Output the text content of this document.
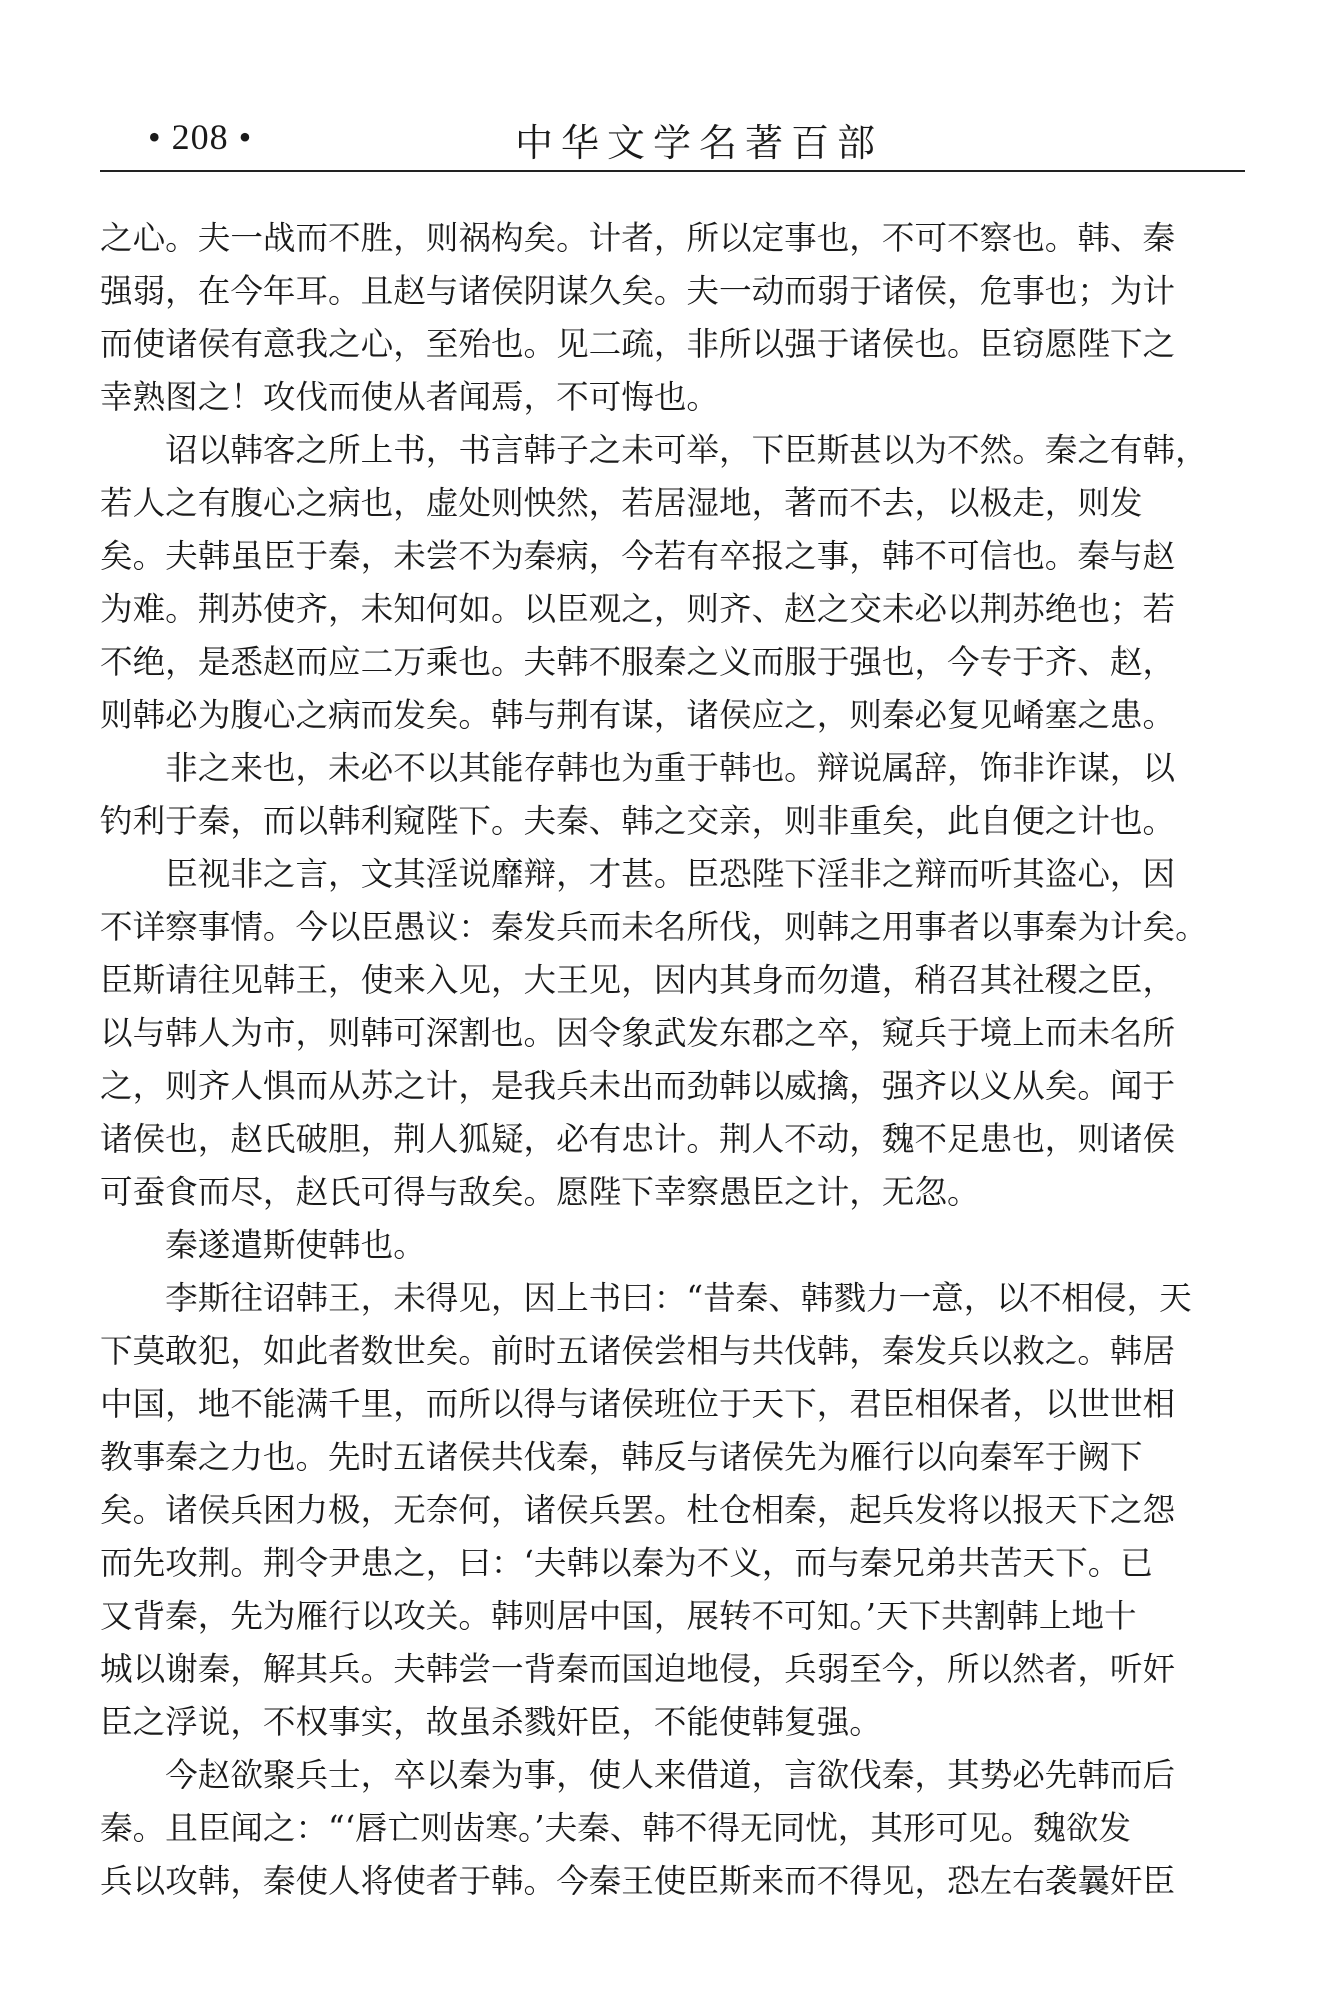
• 208 •	中华文学名著百部
之心。夫一战而不胜，则祸构矣。计者，所以定事也，不可不察也。韩、秦
强弱，在今年耳。且赵与诸侯阴谋久矣。夫一动而弱于诸侯，危事也；为计
而使诸侯有意我之心，至殆也。见二疏，非所以强于诸侯也。臣窃愿陛下之
幸熟图之！攻伐而使从者闻焉，不可悔也。
　　诏以韩客之所上书，书言韩子之未可举，下臣斯甚以为不然。秦之有韩，
若人之有腹心之病也，虚处则怏然，若居湿地，著而不去，以极走，则发
矣。夫韩虽臣于秦，未尝不为秦病，今若有卒报之事，韩不可信也。秦与赵
为难。荆苏使齐，未知何如。以臣观之，则齐、赵之交未必以荆苏绝也；若
不绝，是悉赵而应二万乘也。夫韩不服秦之义而服于强也，今专于齐、赵，
则韩必为腹心之病而发矣。韩与荆有谋，诸侯应之，则秦必复见崤塞之患。
　　非之来也，未必不以其能存韩也为重于韩也。辩说属辞，饰非诈谋，以
钓利于秦，而以韩利窥陛下。夫秦、韩之交亲，则非重矣，此自便之计也。
　　臣视非之言，文其淫说靡辩，才甚。臣恐陛下淫非之辩而听其盗心，因
不详察事情。今以臣愚议：秦发兵而未名所伐，则韩之用事者以事秦为计矣。
臣斯请往见韩王，使来入见，大王见，因内其身而勿遣，稍召其社稷之臣，
以与韩人为市，则韩可深割也。因令象武发东郡之卒，窥兵于境上而未名所
之，则齐人惧而从苏之计，是我兵未出而劲韩以威擒，强齐以义从矣。闻于
诸侯也，赵氏破胆，荆人狐疑，必有忠计。荆人不动，魏不足患也，则诸侯
可蚕食而尽，赵氏可得与敌矣。愿陛下幸察愚臣之计，无忽。
　　秦遂遣斯使韩也。
　　李斯往诏韩王，未得见，因上书曰：“昔秦、韩戮力一意，以不相侵，天
下莫敢犯，如此者数世矣。前时五诸侯尝相与共伐韩，秦发兵以救之。韩居
中国，地不能满千里，而所以得与诸侯班位于天下，君臣相保者，以世世相
教事秦之力也。先时五诸侯共伐秦，韩反与诸侯先为雁行以向秦军于阙下
矣。诸侯兵困力极，无奈何，诸侯兵罢。杜仓相秦，起兵发将以报天下之怨
而先攻荆。荆令尹患之，曰：‘夫韩以秦为不义，而与秦兄弟共苦天下。已
又背秦，先为雁行以攻关。韩则居中国，展转不可知。’天下共割韩上地十
城以谢秦，解其兵。夫韩尝一背秦而国迫地侵，兵弱至今，所以然者，听奸
臣之浮说，不权事实，故虽杀戮奸臣，不能使韩复强。
　　今赵欲聚兵士，卒以秦为事，使人来借道，言欲伐秦，其势必先韩而后
秦。且臣闻之：“‘唇亡则齿寒。’夫秦、韩不得无同忧，其形可见。魏欲发
兵以攻韩，秦使人将使者于韩。今秦王使臣斯来而不得见，恐左右袭曩奸臣
